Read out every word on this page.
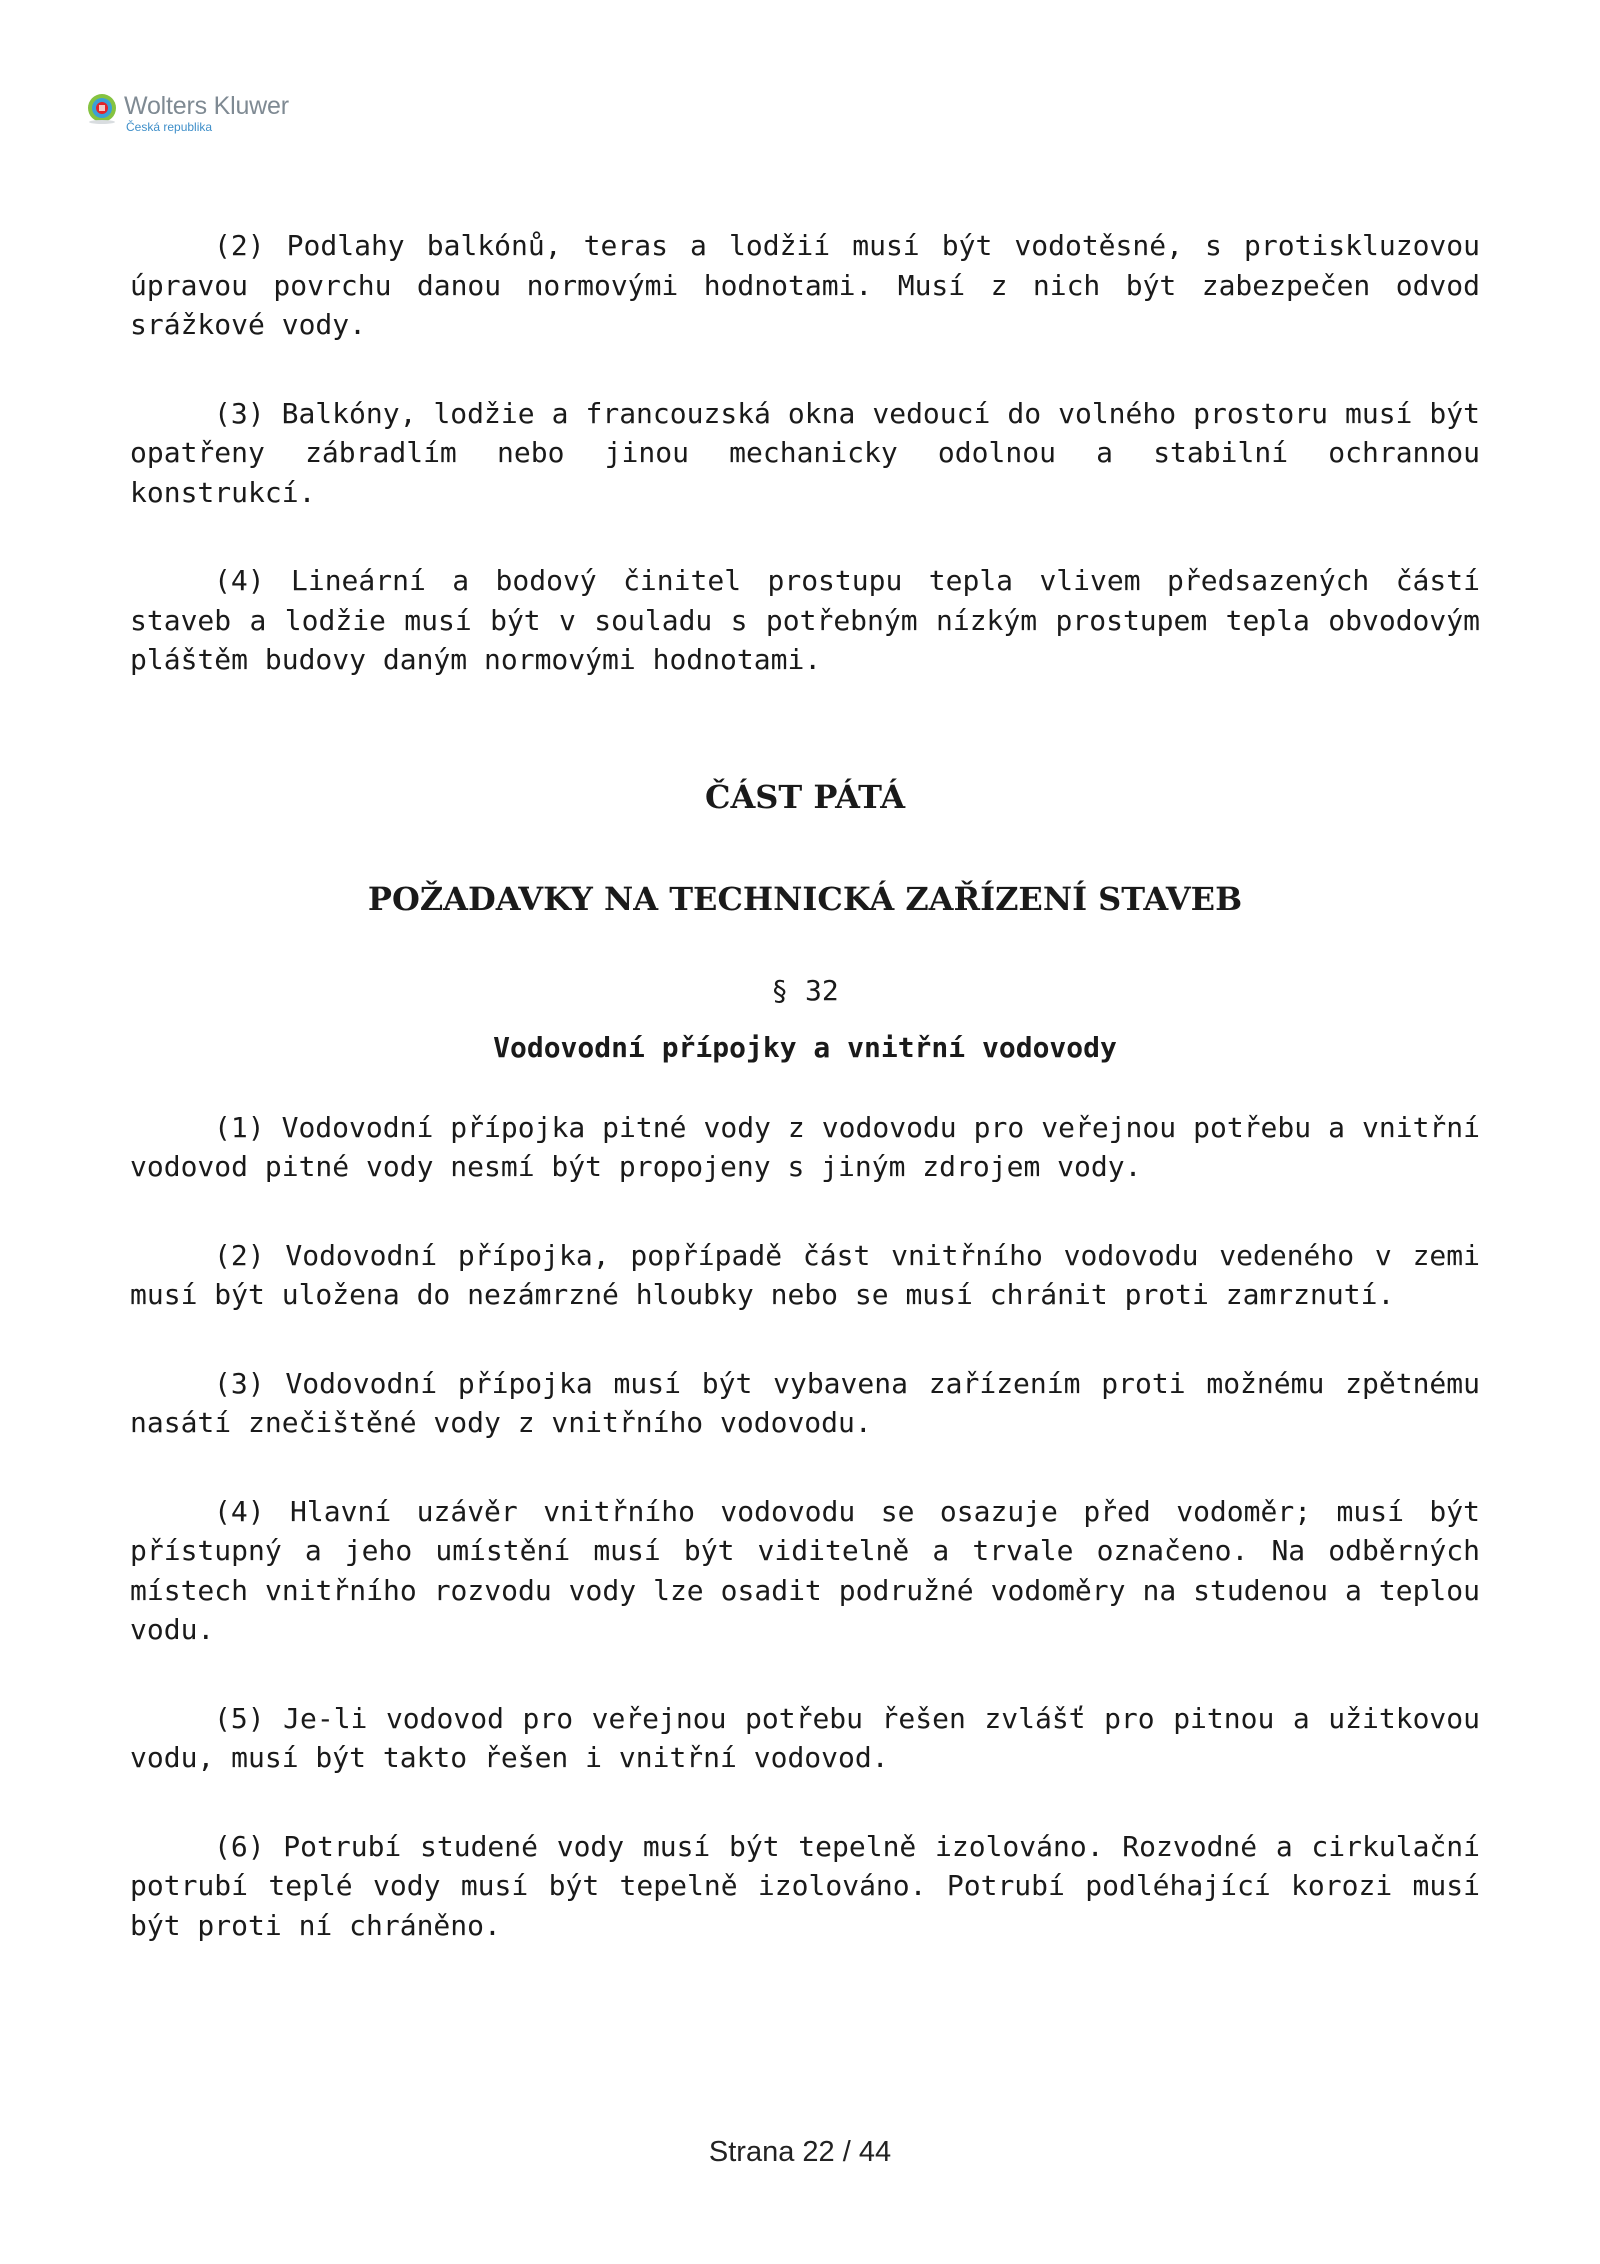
Wolters Kluwer
Česká republika

(2) Podlahy balkónů, teras a lodžií musí být vodotěsné, s protiskluzovou úpravou povrchu danou normovými hodnotami. Musí z nich být zabezpečen odvod srážkové vody.

(3) Balkóny, lodžie a francouzská okna vedoucí do volného prostoru musí být opatřeny zábradlím nebo jinou mechanicky odolnou a stabilní ochrannou konstrukcí.

(4) Lineární a bodový činitel prostupu tepla vlivem předsazených částí staveb a lodžie musí být v souladu s potřebným nízkým prostupem tepla obvodovým pláštěm budovy daným normovými hodnotami.

ČÁST PÁTÁ
POŽADAVKY NA TECHNICKÁ ZAŘÍZENÍ STAVEB

§ 32

Vodovodní přípojky a vnitřní vodovody

(1) Vodovodní přípojka pitné vody z vodovodu pro veřejnou potřebu a vnitřní vodovod pitné vody nesmí být propojeny s jiným zdrojem vody.

(2) Vodovodní přípojka, popřípadě část vnitřního vodovodu vedeného v zemi musí být uložena do nezámrzné hloubky nebo se musí chránit proti zamrznutí.

(3) Vodovodní přípojka musí být vybavena zařízením proti možnému zpětnému nasátí znečištěné vody z vnitřního vodovodu.

(4) Hlavní uzávěr vnitřního vodovodu se osazuje před vodoměr; musí být přístupný a jeho umístění musí být viditelně a trvale označeno. Na odběrných místech vnitřního rozvodu vody lze osadit podružné vodoměry na studenou a teplou vodu.

(5) Je-li vodovod pro veřejnou potřebu řešen zvlášť pro pitnou a užitkovou vodu, musí být takto řešen i vnitřní vodovod.

(6) Potrubí studené vody musí být tepelně izolováno. Rozvodné a cirkulační potrubí teplé vody musí být tepelně izolováno. Potrubí podléhající korozi musí být proti ní chráněno.

Strana 22 / 44
